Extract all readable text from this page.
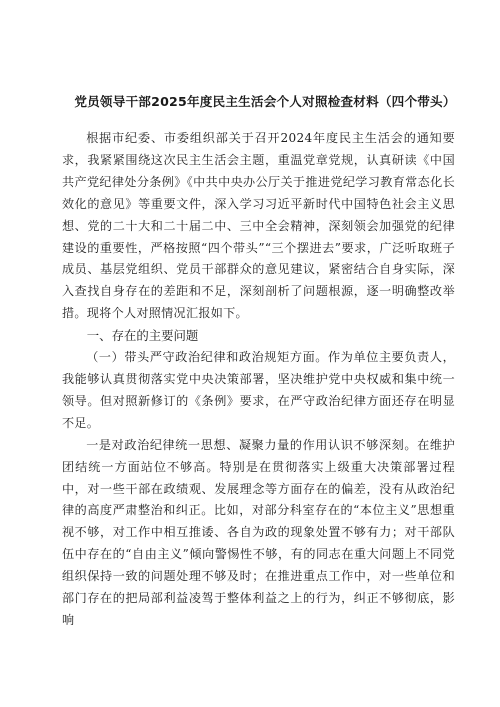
党员领导干部2025年度民主生活会个人对照检查材料（四个带头）

根据市纪委、市委组织部关于召开2024年度民主生活会的通知要求，我紧紧围绕这次民主生活会主题，重温党章党规，认真研读《中国共产党纪律处分条例》《中共中央办公厅关于推进党纪学习教育常态化长效化的意见》等重要文件，深入学习习近平新时代中国特色社会主义思想、党的二十大和二十届二中、三中全会精神，深刻领会加强党的纪律建设的重要性，严格按照“四个带头”“三个摆进去”要求，广泛听取班子成员、基层党组织、党员干部群众的意见建议，紧密结合自身实际，深入查找自身存在的差距和不足，深刻剖析了问题根源，逐一明确整改举措。现将个人对照情况汇报如下。

一、存在的主要问题

（一）带头严守政治纪律和政治规矩方面。作为单位主要负责人，我能够认真贯彻落实党中央决策部署，坚决维护党中央权威和集中统一领导。但对照新修订的《条例》要求，在严守政治纪律方面还存在明显不足。

一是对政治纪律统一思想、凝聚力量的作用认识不够深刻。在维护团结统一方面站位不够高。特别是在贯彻落实上级重大决策部署过程中，对一些干部在政绩观、发展理念等方面存在的偏差，没有从政治纪律的高度严肃整治和纠正。比如，对部分科室存在的“本位主义”思想重视不够，对工作中相互推诿、各自为政的现象处置不够有力；对干部队伍中存在的“自由主义”倾向警惕性不够，有的同志在重大问题上不同党组织保持一致的问题处理不够及时；在推进重点工作中，对一些单位和部门存在的把局部利益凌驾于整体利益之上的行为，纠正不够彻底，影响
